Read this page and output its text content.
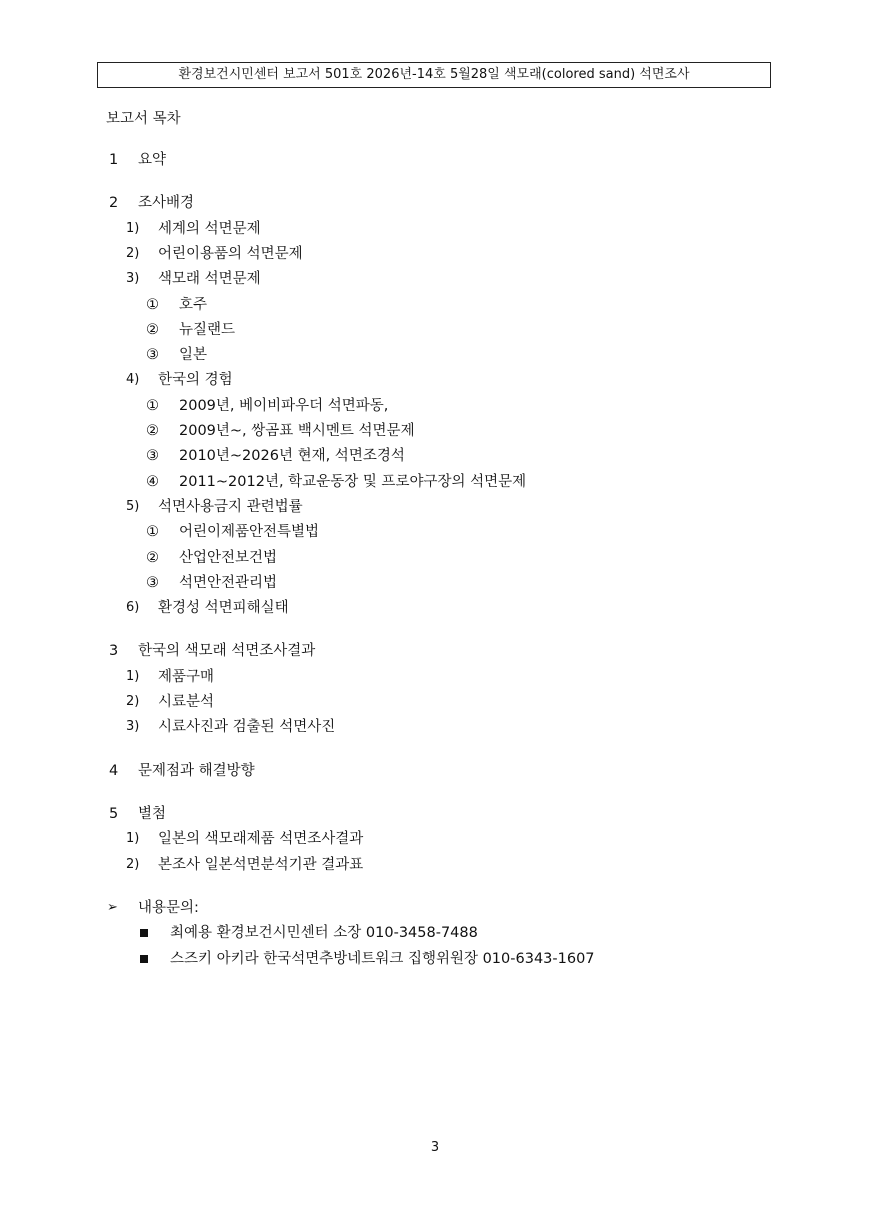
환경보건시민센터 보고서 501호 2026년-14호 5월28일 색모래(colored sand) 석면조사
보고서 목차
1	요약
2	조사배경
1) 세계의 석면문제
2) 어린이용품의 석면문제
3) 색모래 석면문제
① 호주
② 뉴질랜드
③ 일본
4) 한국의 경험
① 2009년, 베이비파우더 석면파동,
② 2009년~, 쌍곰표 백시멘트 석면문제
③ 2010년~2026년 현재, 석면조경석
④ 2011~2012년, 학교운동장 및 프로야구장의 석면문제
5) 석면사용금지 관련법률
① 어린이제품안전특별법
② 산업안전보건법
③ 석면안전관리법
6) 환경성 석면피해실태
3	한국의 색모래 석면조사결과
1) 제품구매
2) 시료분석
3) 시료사진과 검출된 석면사진
4	문제점과 해결방향
5	별첨
1) 일본의 색모래제품 석면조사결과
2) 본조사 일본석면분석기관 결과표
➢ 내용문의:
최예용 환경보건시민센터 소장 010-3458-7488
스즈키 아키라 한국석면추방네트워크 집행위원장 010-6343-1607
3
